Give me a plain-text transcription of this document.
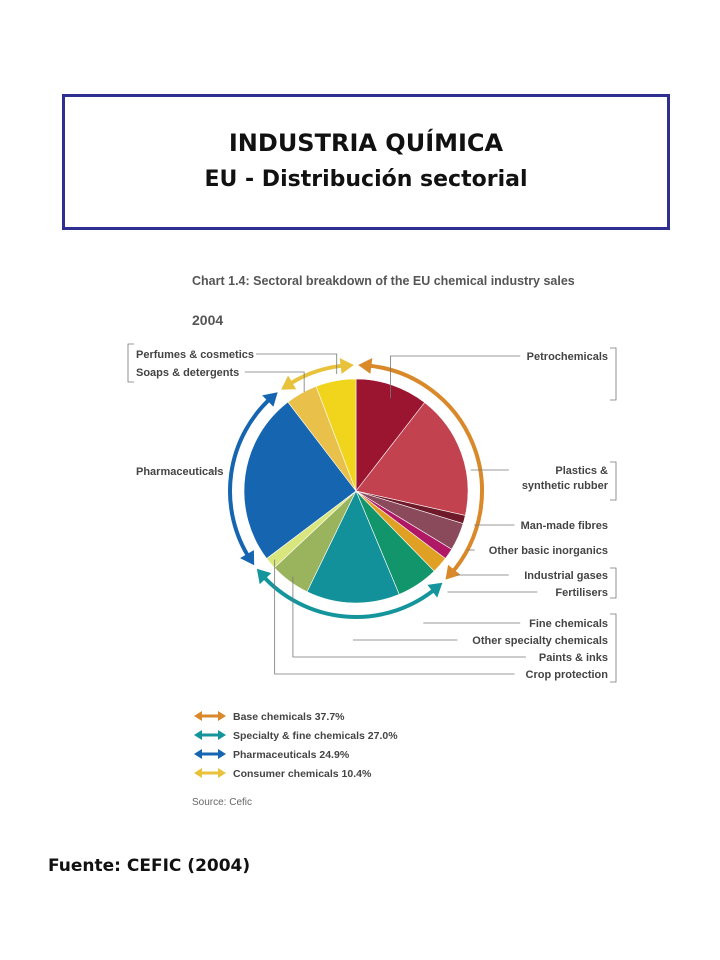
INDUSTRIA QUÍMICA
EU - Distribución sectorial
Chart 1.4: Sectoral breakdown of the EU chemical industry sales
2004
Petrochemicals
Plastics & synthetic rubber
Man-made fibres
Other basic inorganics
Industrial gases
Fertilisers
Fine chemicals
Other specialty chemicals
Paints & inks
Crop protection
Pharmaceuticals
Soaps & detergents
Perfumes & cosmetics
Base chemicals 37.7%
Specialty & fine chemicals 27.0%
Pharmaceuticals 24.9%
Consumer chemicals 10.4%
Source: Cefic
Fuente: CEFIC (2004)
